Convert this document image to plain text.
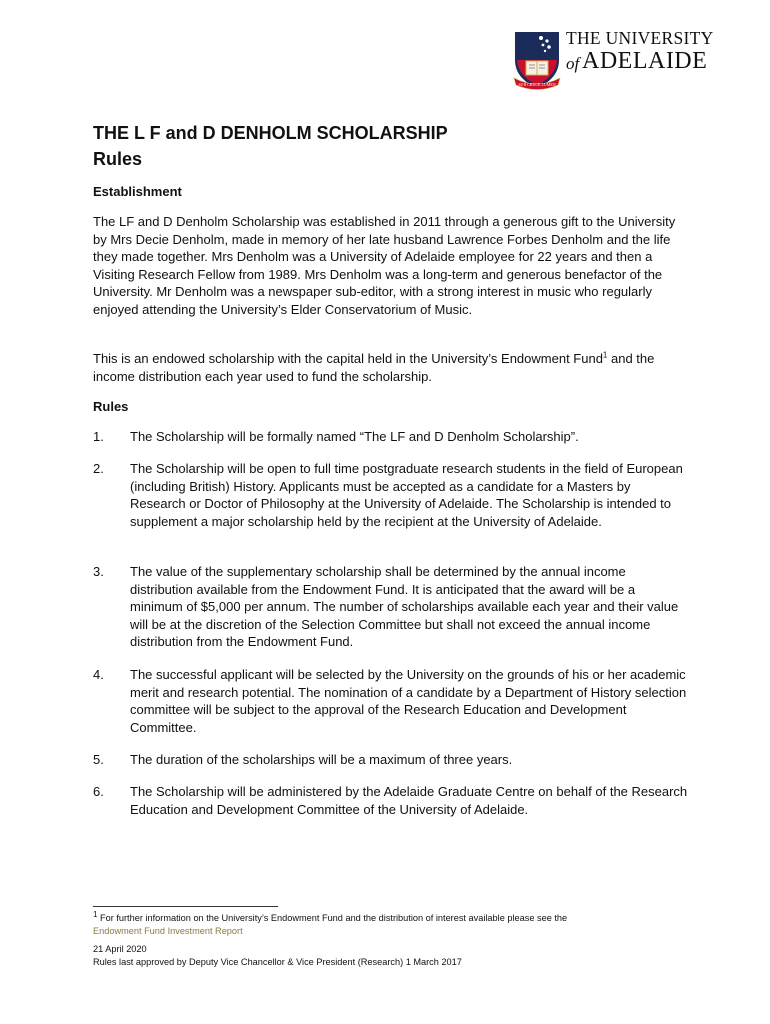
SUB CRUCE LUMEN
THE UNIVERSITY
of ADELAIDE
THE L F and D DENHOLM SCHOLARSHIP
Rules
Establishment

The LF and D Denholm Scholarship was established in 2011 through a generous gift to the University by Mrs Decie Denholm, made in memory of her late husband Lawrence Forbes Denholm and the life they made together. Mrs Denholm was a University of Adelaide employee for 22 years and then a Visiting Research Fellow from 1989. Mrs Denholm was a long-term and generous benefactor of the University. Mr Denholm was a newspaper sub-editor, with a strong interest in music who regularly enjoyed attending the University’s Elder Conservatorium of Music.

This is an endowed scholarship with the capital held in the University’s Endowment Fund$^1$ and the income distribution each year used to fund the scholarship.

Rules
1.	The Scholarship will be formally named “The LF and D Denholm Scholarship”.
2.	The Scholarship will be open to full time postgraduate research students in the field of European (including British) History. Applicants must be accepted as a candidate for a Masters by Research or Doctor of Philosophy at the University of Adelaide. The Scholarship is intended to supplement a major scholarship held by the recipient at the University of Adelaide.
3.	The value of the supplementary scholarship shall be determined by the annual income distribution available from the Endowment Fund. It is anticipated that the award will be a minimum of $5,000 per annum. The number of scholarships available each year and their value will be at the discretion of the Selection Committee but shall not exceed the annual income distribution from the Endowment Fund.
4.	The successful applicant will be selected by the University on the grounds of his or her academic merit and research potential. The nomination of a candidate by a Department of History selection committee will be subject to the approval of the Research Education and Development Committee.
5.	The duration of the scholarships will be a maximum of three years.
6.	The Scholarship will be administered by the Adelaide Graduate Centre on behalf of the Research Education and Development Committee of the University of Adelaide.
$^1$ For further information on the University’s Endowment Fund and the distribution of interest available please see the
Endowment Fund Investment Report
21 April 2020
Rules last approved by Deputy Vice Chancellor & Vice President (Research) 1 March 2017
